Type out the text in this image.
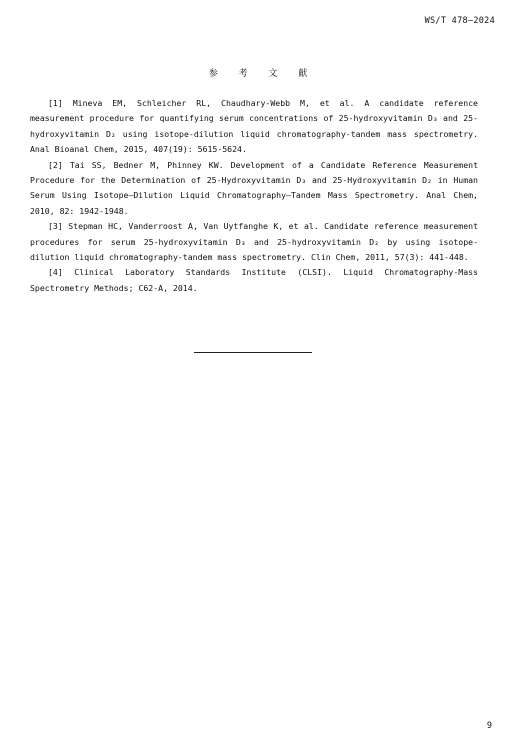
WS/T 478—2024
参 考 文 献

[1] Mineva EM, Schleicher RL, Chaudhary-Webb M, et al. A candidate reference measurement procedure for quantifying serum concentrations of 25-hydroxyvitamin D₃ and 25-hydroxyvitamin D₂ using isotope-dilution liquid chromatography-tandem mass spectrometry. Anal Bioanal Chem, 2015, 407(19): 5615-5624.

[2] Tai SS, Bedner M, Phinney KW. Development of a Candidate Reference Measurement Procedure for the Determination of 25-Hydroxyvitamin D₃ and 25-Hydroxyvitamin D₂ in Human Serum Using Isotope—Dilution Liquid Chromatography—Tandem Mass Spectrometry. Anal Chem, 2010, 82: 1942-1948.

[3] Stepman HC, Vanderroost A, Van Uytfanghe K, et al. Candidate reference measurement procedures for serum 25-hydroxyvitamin D₃ and 25-hydroxyvitamin D₂ by using isotope-dilution liquid chromatography-tandem mass spectrometry. Clin Chem, 2011, 57(3): 441-448.

[4] Clinical Laboratory Standards Institute (CLSI). Liquid Chromatography-Mass Spectrometry Methods; C62-A, 2014.

9
